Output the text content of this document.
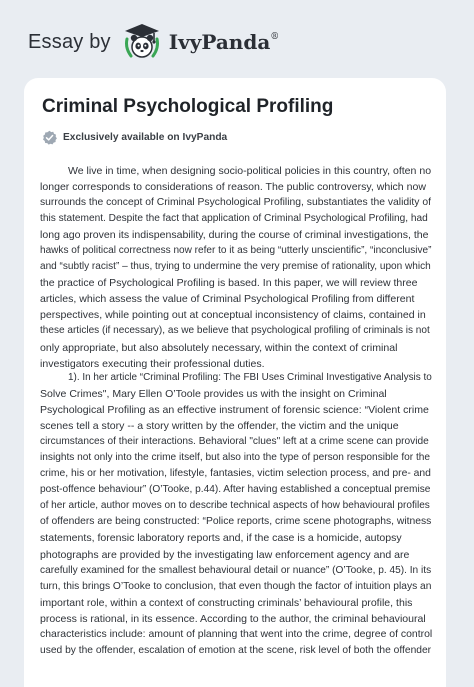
Essay by	IvyPanda®
Criminal Psychological Profiling
Exclusively available on IvyPanda
We live in time, when designing socio-political policies in this country, often no
longer corresponds to considerations of reason. The public controversy, which now
surrounds the concept of Criminal Psychological Profiling, substantiates the validity of
this statement. Despite the fact that application of Criminal Psychological Profiling, had
long ago proven its indispensability, during the course of criminal investigations, the
hawks of political correctness now refer to it as being “utterly unscientific”, “inconclusive”
and “subtly racist” – thus, trying to undermine the very premise of rationality, upon which
the practice of Psychological Profiling is based. In this paper, we will review three
articles, which assess the value of Criminal Psychological Profiling from different
perspectives, while pointing out at conceptual inconsistency of claims, contained in
these articles (if necessary), as we believe that psychological profiling of criminals is not
only appropriate, but also absolutely necessary, within the context of criminal
investigators executing their professional duties.
1). In her article “Criminal Profiling: The FBI Uses Criminal Investigative Analysis to
Solve Crimes", Mary Ellen O’Toole provides us with the insight on Criminal
Psychological Profiling as an effective instrument of forensic science: “Violent crime
scenes tell a story -- a story written by the offender, the victim and the unique
circumstances of their interactions. Behavioral "clues" left at a crime scene can provide
insights not only into the crime itself, but also into the type of person responsible for the
crime, his or her motivation, lifestyle, fantasies, victim selection process, and pre- and
post-offence behaviour” (O’Tooke, p.44). After having established a conceptual premise
of her article, author moves on to describe technical aspects of how behavioural profiles
of offenders are being constructed: “Police reports, crime scene photographs, witness
statements, forensic laboratory reports and, if the case is a homicide, autopsy
photographs are provided by the investigating law enforcement agency and are
carefully examined for the smallest behavioural detail or nuance” (O’Tooke, p. 45). In its
turn, this brings O’Tooke to conclusion, that even though the factor of intuition plays an
important role, within a context of constructing criminals’ behavioural profile, this
process is rational, in its essence. According to the author, the criminal behavioural
characteristics include: amount of planning that went into the crime, degree of control
used by the offender, escalation of emotion at the scene, risk level of both the offender
